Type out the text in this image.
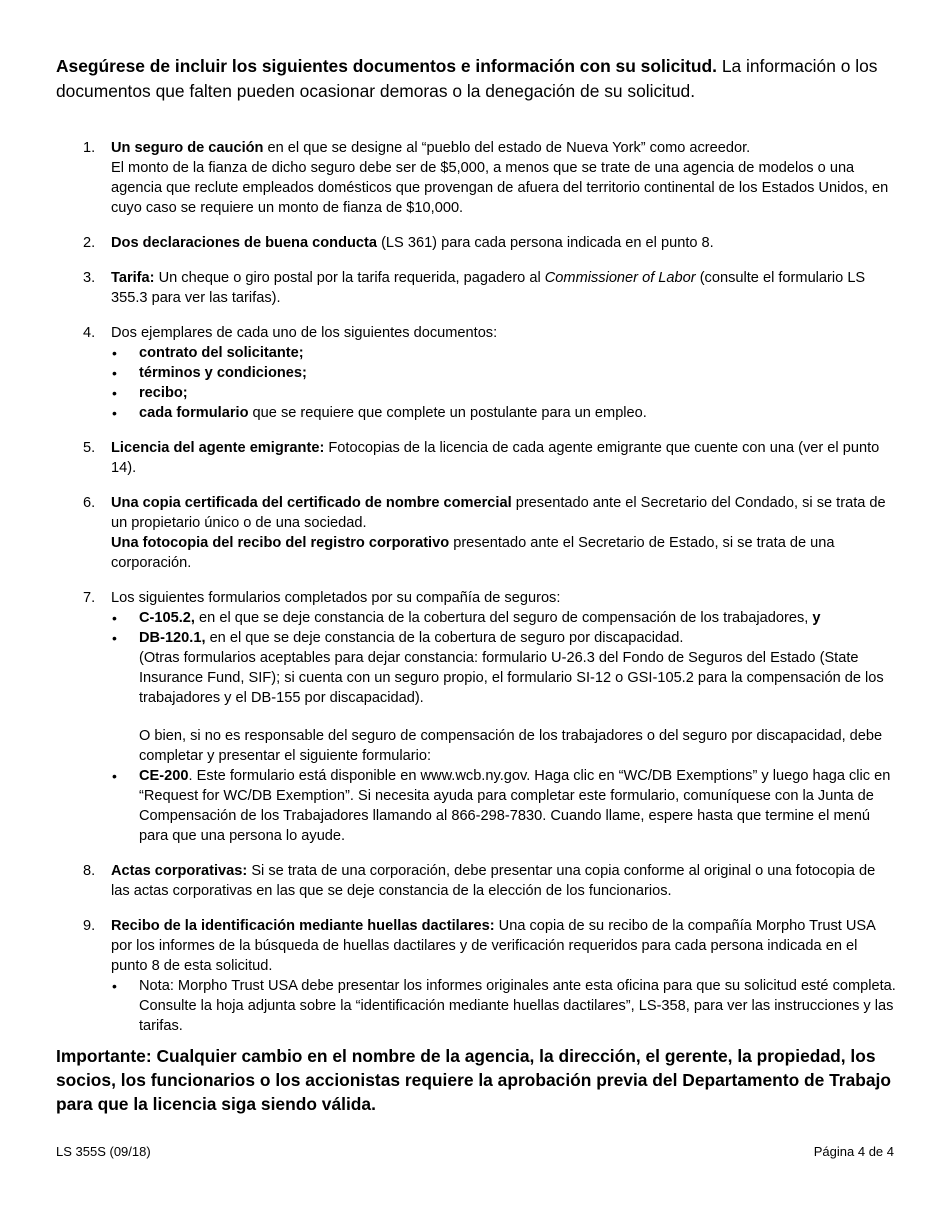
Asegúrese de incluir los siguientes documentos e información con su solicitud. La información o los documentos que falten pueden ocasionar demoras o la denegación de su solicitud.

1. Un seguro de caución en el que se designe al “pueblo del estado de Nueva York” como acreedor.
El monto de la fianza de dicho seguro debe ser de $5,000, a menos que se trate de una agencia de modelos o una agencia que reclute empleados domésticos que provengan de afuera del territorio continental de los Estados Unidos, en cuyo caso se requiere un monto de fianza de $10,000.
2. Dos declaraciones de buena conducta (LS 361) para cada persona indicada en el punto 8.
3. Tarifa: Un cheque o giro postal por la tarifa requerida, pagadero al Commissioner of Labor (consulte el formulario LS 355.3 para ver las tarifas).
4. Dos ejemplares de cada uno de los siguientes documentos:
• contrato del solicitante;
• términos y condiciones;
• recibo;
• cada formulario que se requiere que complete un postulante para un empleo.
5. Licencia del agente emigrante: Fotocopias de la licencia de cada agente emigrante que cuente con una (ver el punto 14).
6. Una copia certificada del certificado de nombre comercial presentado ante el Secretario del Condado, si se trata de un propietario único o de una sociedad.
Una fotocopia del recibo del registro corporativo presentado ante el Secretario de Estado, si se trata de una corporación.
7. Los siguientes formularios completados por su compañía de seguros:
• C-105.2, en el que se deje constancia de la cobertura del seguro de compensación de los trabajadores, y
• DB-120.1, en el que se deje constancia de la cobertura de seguro por discapacidad.
(Otras formularios aceptables para dejar constancia: formulario U-26.3 del Fondo de Seguros del Estado (State Insurance Fund, SIF); si cuenta con un seguro propio, el formulario SI-12 o GSI-105.2 para la compensación de los trabajadores y el DB-155 por discapacidad).
O bien, si no es responsable del seguro de compensación de los trabajadores o del seguro por discapacidad, debe completar y presentar el siguiente formulario:
• CE-200. Este formulario está disponible en www.wcb.ny.gov. Haga clic en “WC/DB Exemptions” y luego haga clic en “Request for WC/DB Exemption”. Si necesita ayuda para completar este formulario, comuníquese con la Junta de Compensación de los Trabajadores llamando al 866-298-7830. Cuando llame, espere hasta que termine el menú para que una persona lo ayude.
8. Actas corporativas: Si se trata de una corporación, debe presentar una copia conforme al original o una fotocopia de las actas corporativas en las que se deje constancia de la elección de los funcionarios.
9. Recibo de la identificación mediante huellas dactilares: Una copia de su recibo de la compañía Morpho Trust USA por los informes de la búsqueda de huellas dactilares y de verificación requeridos para cada persona indicada en el punto 8 de esta solicitud.
• Nota: Morpho Trust USA debe presentar los informes originales ante esta oficina para que su solicitud esté completa. Consulte la hoja adjunta sobre la “identificación mediante huellas dactilares”, LS-358, para ver las instrucciones y las tarifas.

Importante: Cualquier cambio en el nombre de la agencia, la dirección, el gerente, la propiedad, los socios, los funcionarios o los accionistas requiere la aprobación previa del Departamento de Trabajo para que la licencia siga siendo válida.

LS 355S (09/18)	Página 4 de 4
